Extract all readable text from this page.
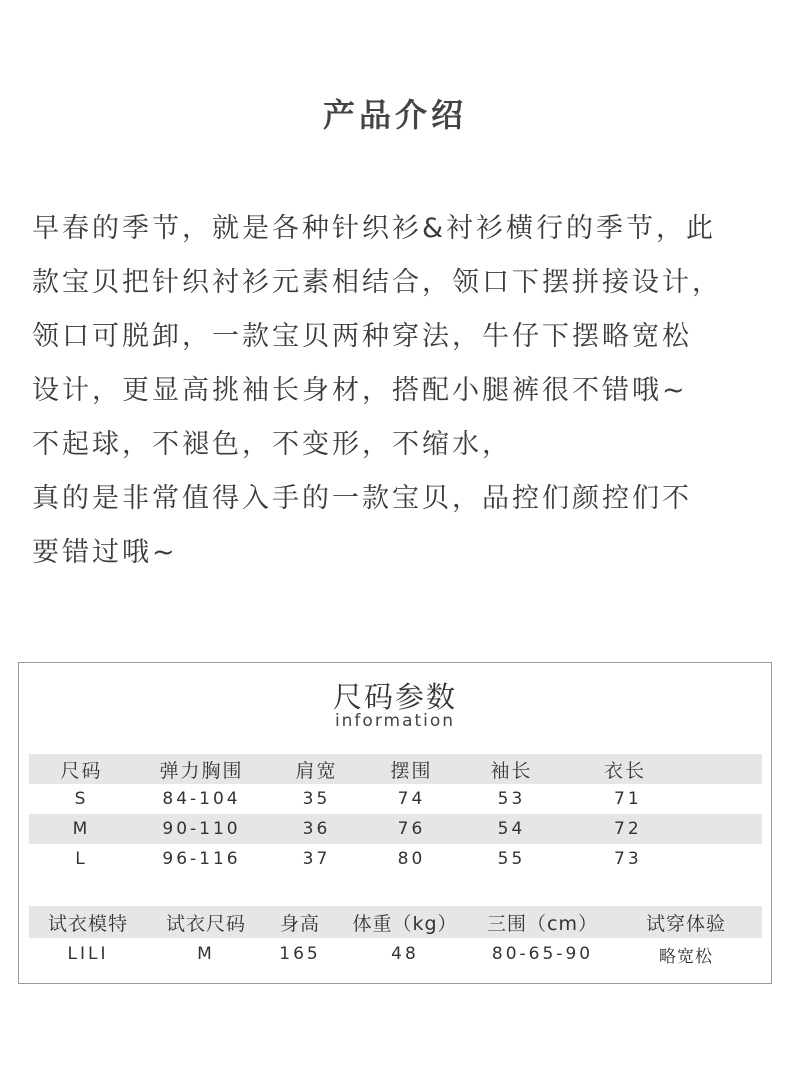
产品介绍
早春的季节，就是各种针织衫&衬衫横行的季节，此
款宝贝把针织衬衫元素相结合，领口下摆拼接设计，
领口可脱卸，一款宝贝两种穿法，牛仔下摆略宽松
设计，更显高挑袖长身材，搭配小腿裤很不错哦~
不起球，不褪色，不变形，不缩水，
真的是非常值得入手的一款宝贝，品控们颜控们不
要错过哦~
尺码参数
information
尺码	弹力胸围	肩宽	摆围	袖长	衣长
S	84-104	35	74	53	71
M	90-110	36	76	54	72
L	96-116	37	80	55	73
试衣模特	试衣尺码	身高	体重（kg）	三围（cm）	试穿体验
LILI	M	165	48	80-65-90	略宽松
